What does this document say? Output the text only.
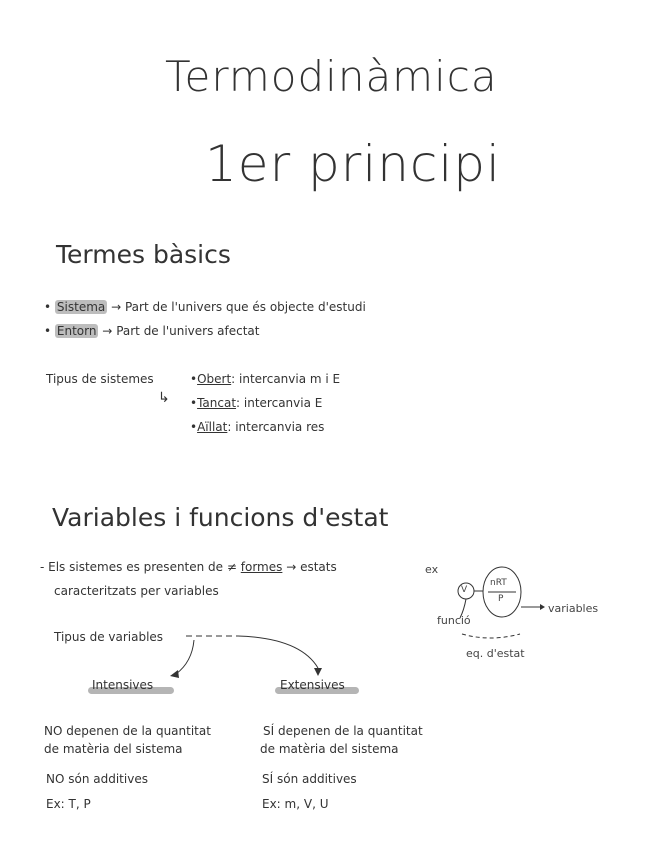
Termodinàmica
1er principi
Termes bàsics
• Sistema → Part de l'univers que és objecte d'estudi
• Entorn → Part de l'univers afectat
Tipus de sistemes
↳
•Obert: intercanvia m i E
•Tancat: intercanvia E
•Aïllat: intercanvia res
Variables i funcions d'estat
- Els sistemes es presenten de ≠ formes → estats
caracteritzats per variables
ex
V
nRT
P
variables
funció
eq. d'estat
Tipus de variables
Intensives	Extensives
NO depenen de la quantitat
de matèria del sistema
NO són additives
Ex: T, P
SÍ depenen de la quantitat
de matèria del sistema
SÍ són additives
Ex: m, V, U
